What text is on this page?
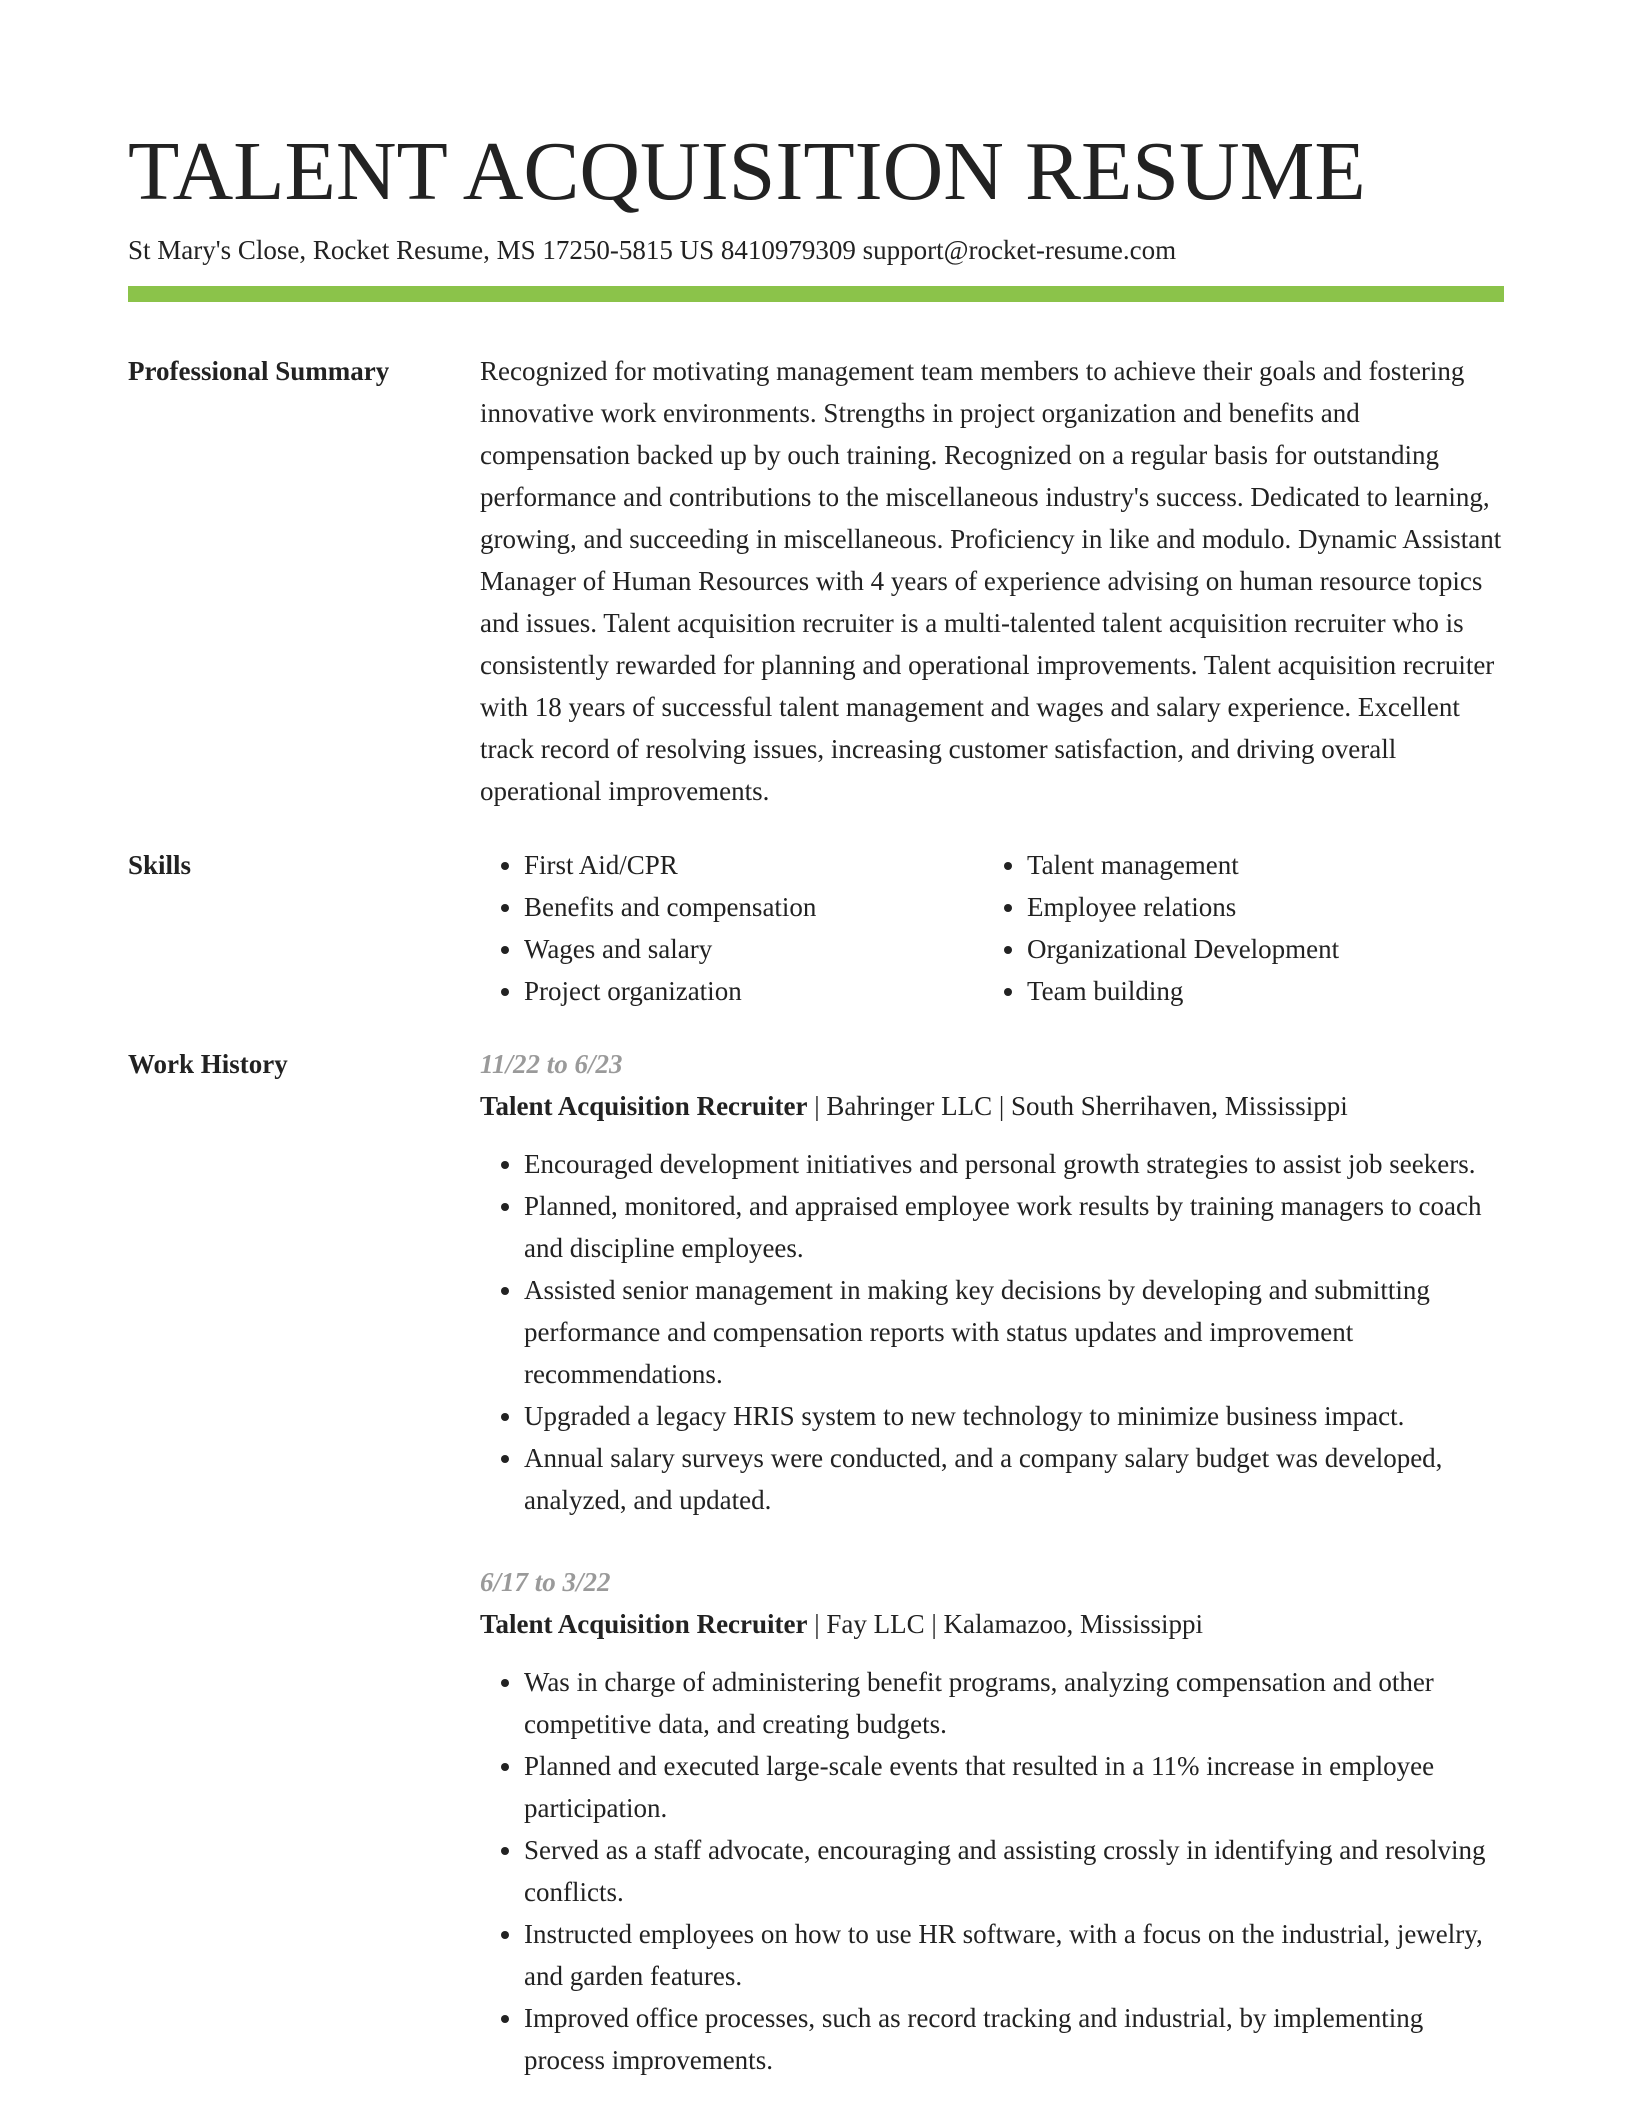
TALENT ACQUISITION RESUME
St Mary's Close, Rocket Resume, MS 17250-5815 US 8410979309 support@rocket-resume.com
Professional Summary	Recognized for motivating management team members to achieve their goals and fostering innovative work environments. Strengths in project organization and benefits and compensation backed up by ouch training. Recognized on a regular basis for outstanding performance and contributions to the miscellaneous industry's success. Dedicated to learning, growing, and succeeding in miscellaneous. Proficiency in like and modulo. Dynamic Assistant Manager of Human Resources with 4 years of experience advising on human resource topics and issues. Talent acquisition recruiter is a multi-talented talent acquisition recruiter who is consistently rewarded for planning and operational improvements. Talent acquisition recruiter with 18 years of successful talent management and wages and salary experience. Excellent track record of resolving issues, increasing customer satisfaction, and driving overall operational improvements.

Skills
•	First Aid/CPR
• Benefits and compensation
• Wages and salary
• Project organization
• Talent management
• Employee relations
• Organizational Development
• Team building
Work History	11/22 to 6/23
Talent Acquisition Recruiter | Bahringer LLC | South Sherrihaven, Mississippi
• Encouraged development initiatives and personal growth strategies to assist job seekers.
• Planned, monitored, and appraised employee work results by training managers to coach and discipline employees.
• Assisted senior management in making key decisions by developing and submitting performance and compensation reports with status updates and improvement recommendations.
• Upgraded a legacy HRIS system to new technology to minimize business impact.
• Annual salary surveys were conducted, and a company salary budget was developed, analyzed, and updated.
6/17 to 3/22
Talent Acquisition Recruiter | Fay LLC | Kalamazoo, Mississippi
• Was in charge of administering benefit programs, analyzing compensation and other competitive data, and creating budgets.
• Planned and executed large-scale events that resulted in a 11% increase in employee participation.
• Served as a staff advocate, encouraging and assisting crossly in identifying and resolving conflicts.
• Instructed employees on how to use HR software, with a focus on the industrial, jewelry, and garden features.
• Improved office processes, such as record tracking and industrial, by implementing process improvements.
